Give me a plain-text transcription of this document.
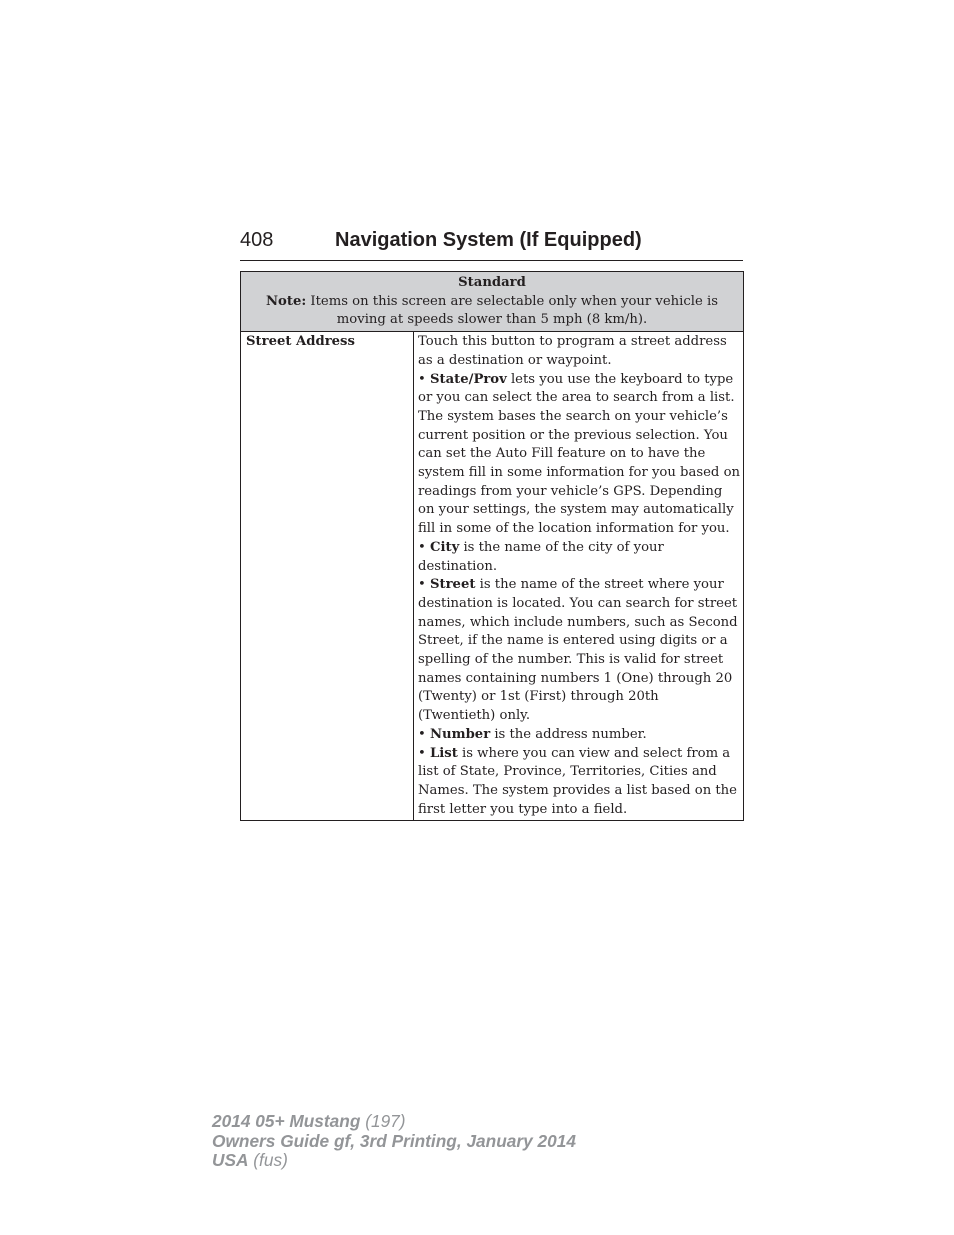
408	Navigation System (If Equipped)
Standard
Note: Items on this screen are selectable only when your vehicle is moving at speeds slower than 5 mph (8 km/h).
Street Address	Touch this button to program a street address as a destination or waypoint.
• State/Prov lets you use the keyboard to type or you can select the area to search from a list. The system bases the search on your vehicle’s current position or the previous selection. You can set the Auto Fill feature on to have the system fill in some information for you based on readings from your vehicle’s GPS. Depending on your settings, the system may automatically fill in some of the location information for you.
• City is the name of the city of your destination.
• Street is the name of the street where your destination is located. You can search for street names, which include numbers, such as Second Street, if the name is entered using digits or a spelling of the number. This is valid for street names containing numbers 1 (One) through 20 (Twenty) or 1st (First) through 20th (Twentieth) only.
• Number is the address number.
• List is where you can view and select from a list of State, Province, Territories, Cities and Names. The system provides a list based on the first letter you type into a field.
2014 05+ Mustang (197)
Owners Guide gf, 3rd Printing, January 2014
USA (fus)
